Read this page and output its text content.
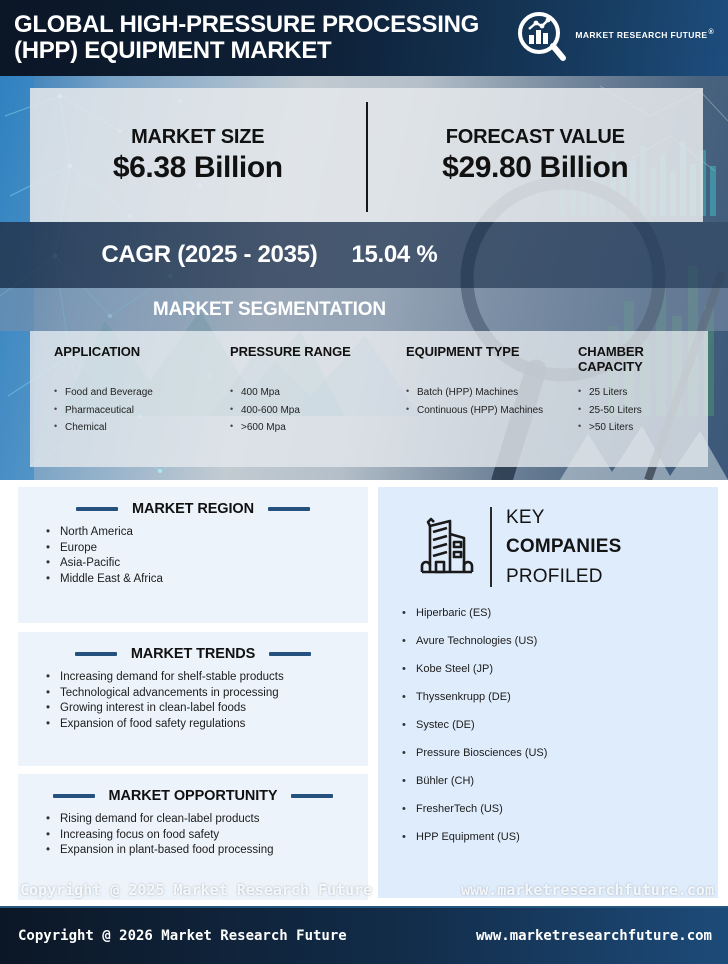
GLOBAL HIGH-PRESSURE PROCESSING
(HPP) EQUIPMENT MARKET
MARKET RESEARCH FUTURE®
MARKET SIZE
$6.38 Billion
FORECAST VALUE
$29.80 Billion
CAGR (2025 - 2035) 15.04 %
MARKET SEGMENTATION
APPLICATION
• Food and Beverage
• Pharmaceutical
• Chemical
PRESSURE RANGE
• 400 Mpa
• 400-600 Mpa
• >600 Mpa
EQUIPMENT TYPE
• Batch (HPP) Machines
• Continuous (HPP) Machines
CHAMBER CAPACITY
• 25 Liters
• 25-50 Liters
• >50 Liters
MARKET REGION
• North America
• Europe
• Asia-Pacific
• Middle East & Africa
MARKET TRENDS
• Increasing demand for shelf-stable products
• Technological advancements in processing
• Growing interest in clean-label foods
• Expansion of food safety regulations
MARKET OPPORTUNITY
• Rising demand for clean-label products
• Increasing focus on food safety
• Expansion in plant-based food processing
KEY
COMPANIES
PROFILED
• Hiperbaric (ES)
• Avure Technologies (US)
• Kobe Steel (JP)
• Thyssenkrupp (DE)
• Systec (DE)
• Pressure Biosciences (US)
• Bühler (CH)
• FresherTech (US)
• HPP Equipment (US)
Copyright @ 2025 Market Research Future	www.marketresearchfuture.com
Copyright @ 2026 Market Research Future	www.marketresearchfuture.com
